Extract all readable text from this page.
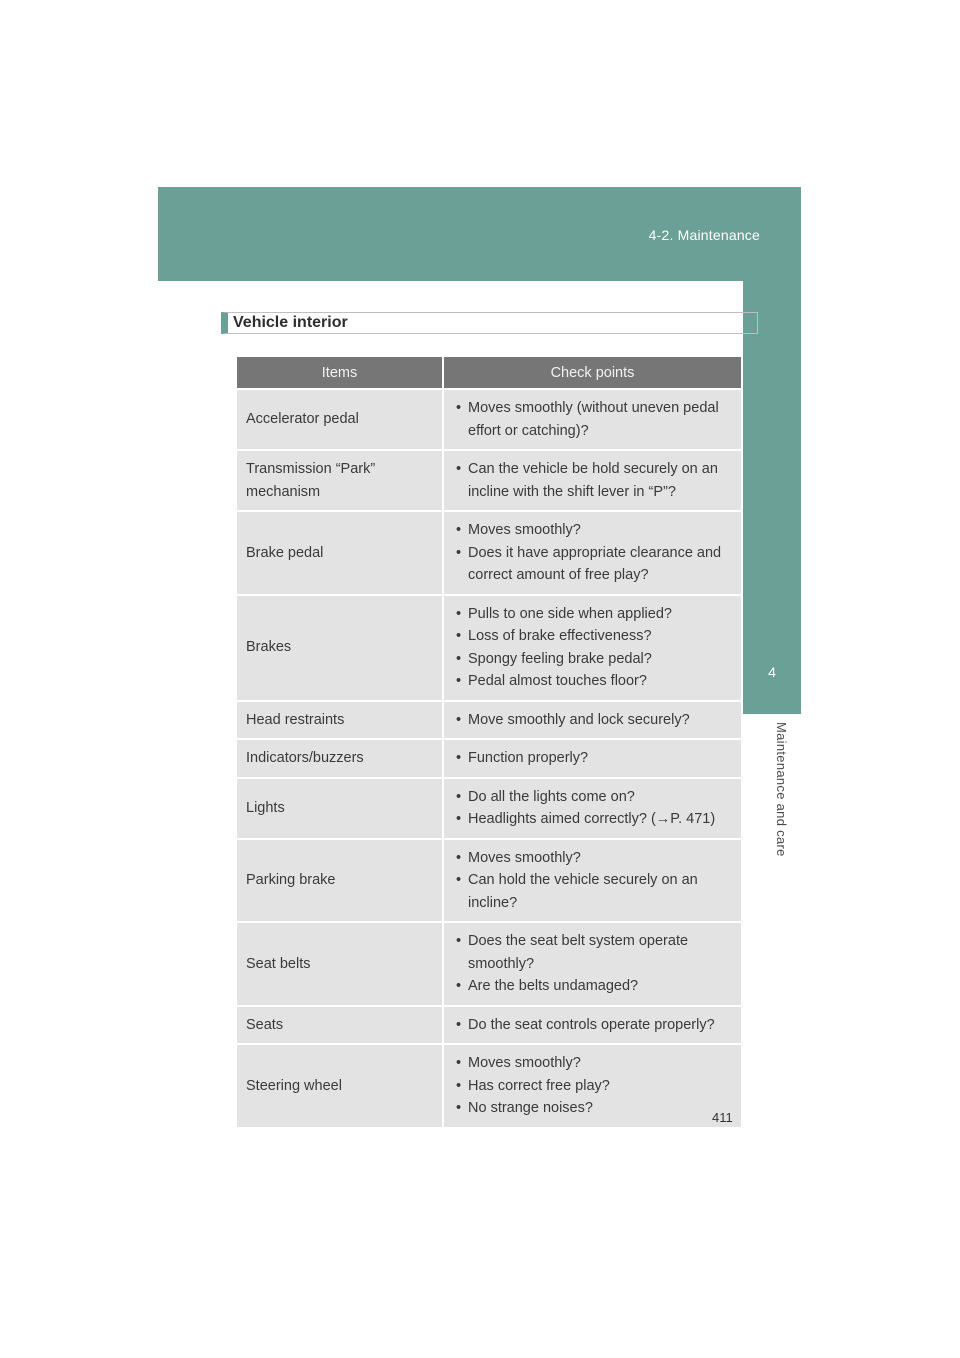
4-2. Maintenance
4
Maintenance and care
Vehicle interior
Items	Check points
Accelerator pedal	• Moves smoothly (without uneven pedal effort or catching)?

Transmission “Park” mechanism	• Can the vehicle be hold securely on an incline with the shift lever in “P”?

Brake pedal	• Moves smoothly?
• Does it have appropriate clearance and correct amount of free play?

Brakes	• Pulls to one side when applied?
• Loss of brake effectiveness?
• Spongy feeling brake pedal?
• Pedal almost touches floor?

Head restraints	• Move smoothly and lock securely?

Indicators/buzzers	• Function properly?

Lights	• Do all the lights come on?
• Headlights aimed correctly? (→P. 471)

Parking brake	• Moves smoothly?
• Can hold the vehicle securely on an incline?

Seat belts	• Does the seat belt system operate smoothly?
• Are the belts undamaged?

Seats	• Do the seat controls operate properly?

Steering wheel	• Moves smoothly?
• Has correct free play?
• No strange noises?
411
